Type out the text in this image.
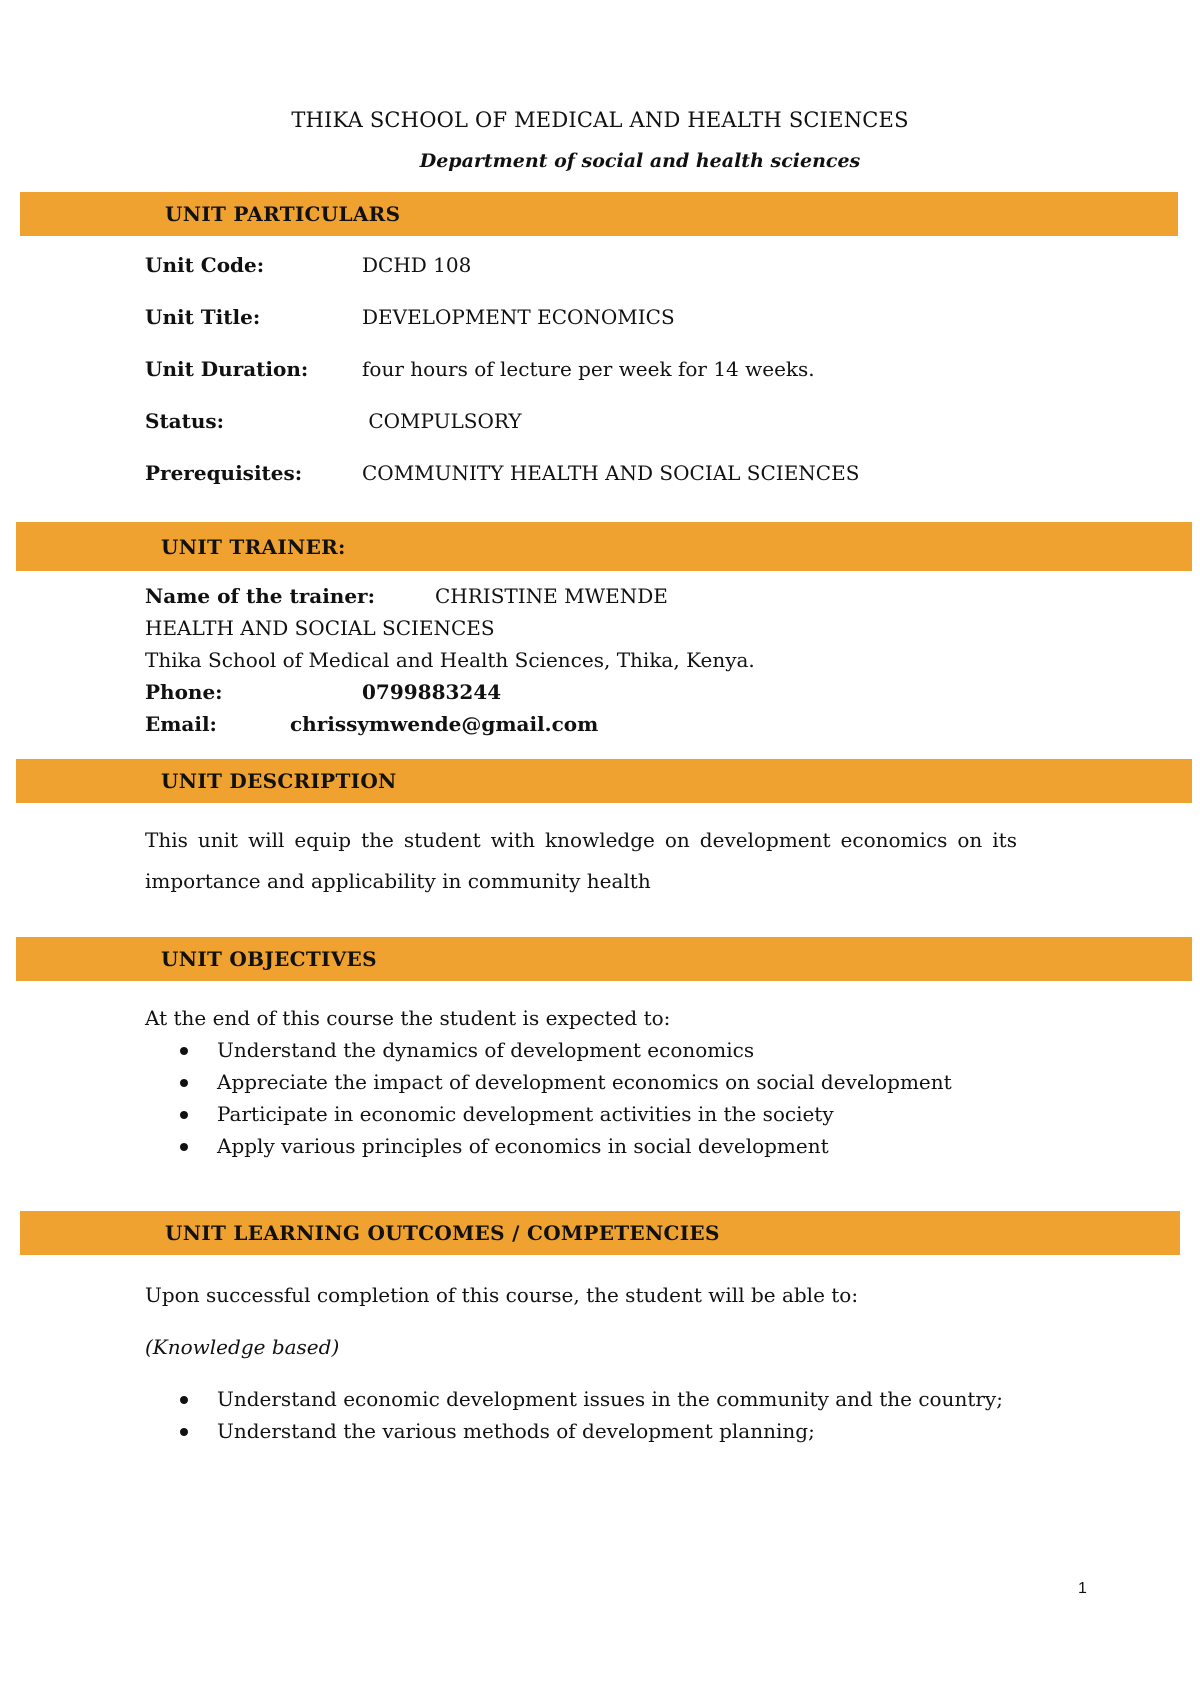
THIKA SCHOOL OF MEDICAL AND HEALTH SCIENCES
Department of social and health sciences
UNIT PARTICULARS
Unit Code:	DCHD 108
Unit Title:	DEVELOPMENT ECONOMICS
Unit Duration:	four hours of lecture per week for 14 weeks.
Status:	COMPULSORY
Prerequisites:	COMMUNITY HEALTH AND SOCIAL SCIENCES
UNIT TRAINER:
Name of the trainer:	CHRISTINE MWENDE
HEALTH AND SOCIAL SCIENCES
Thika School of Medical and Health Sciences, Thika, Kenya.
Phone:	0799883244
Email:	chrissymwende@gmail.com
UNIT DESCRIPTION
This unit will equip the student with knowledge on development economics on its importance and applicability in community health
UNIT OBJECTIVES
At the end of this course the student is expected to:
Understand the dynamics of development economics
Appreciate the impact of development economics on social development
Participate in economic development activities in the society
Apply various principles of economics in social development
UNIT LEARNING OUTCOMES / COMPETENCIES
Upon successful completion of this course, the student will be able to:
(Knowledge based)
Understand economic development issues in the community and the country;
Understand the various methods of development planning;
1
